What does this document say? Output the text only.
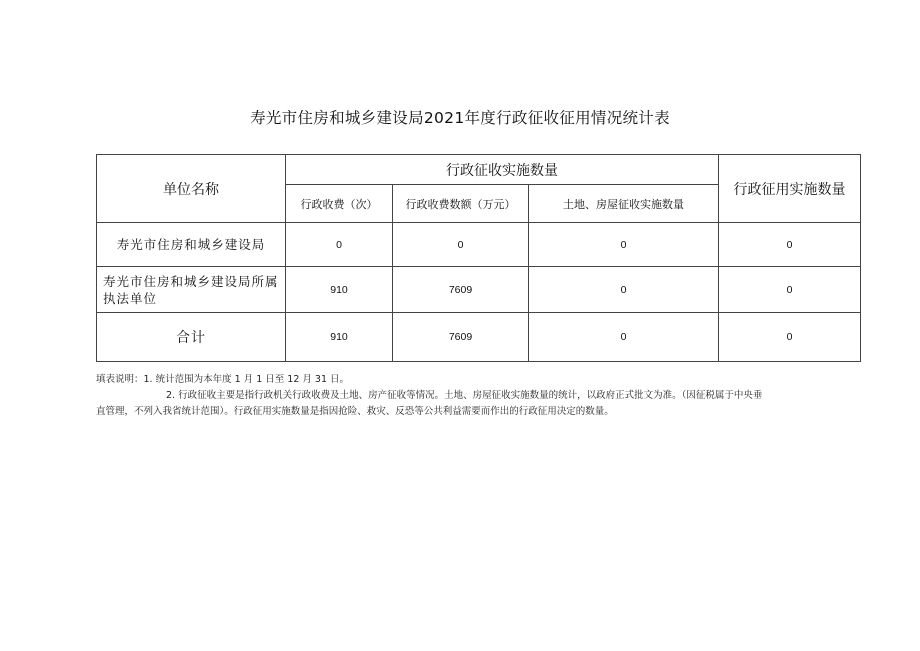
寿光市住房和城乡建设局2021年度行政征收征用情况统计表
单位名称	行政征收实施数量			行政征用实施数量
	行政收费（次）	行政收费数额（万元）	土地、房屋征收实施数量	
寿光市住房和城乡建设局	0	0	0	0
寿光市住房和城乡建设局所属执法单位	910	7609	0	0
合计	910	7609	0	0

填表说明：1. 统计范围为本年度 1 月 1 日至 12 月 31 日。

2. 行政征收主要是指行政机关行政收费及土地、房产征收等情况。土地、房屋征收实施数量的统计，以政府正式批文为准。（因征税属于中央垂

直管理，不列入我省统计范围）。行政征用实施数量是指因抢险、救灾、反恐等公共利益需要而作出的行政征用决定的数量。
